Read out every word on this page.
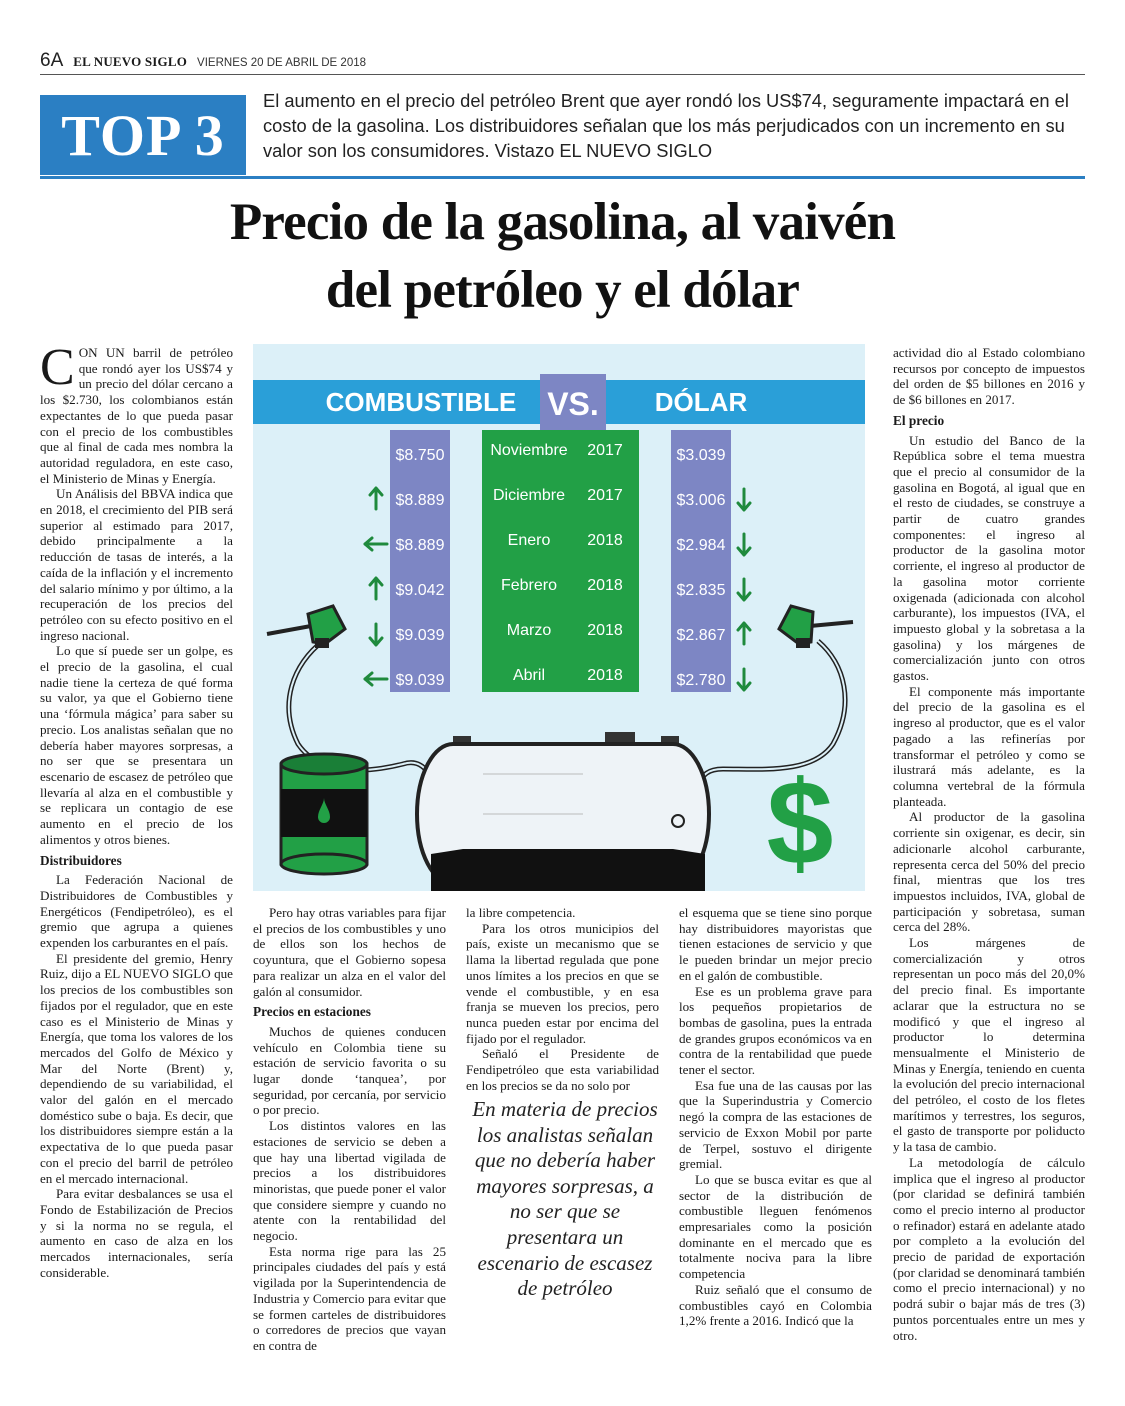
6A EL NUEVO SIGLO VIERNES 20 DE ABRIL DE 2018
TOP 3
El aumento en el precio del petróleo Brent que ayer rondó los US$74, seguramente impactará en el costo de la gasolina. Los distribuidores señalan que los más perjudicados con un incremento en su valor son los consumidores. Vistazo EL NUEVO SIGLO
Precio de la gasolina, al vaivén
del petróleo y el dólar

CON UN barril de petróleo que rondó ayer los US$74 y un precio del dólar cercano a los $2.730, los colombianos están expectantes de lo que pueda pasar con el precio de los combustibles que al final de cada mes nombra la autoridad reguladora, en este caso, el Ministerio de Minas y Energía.

Un Análisis del BBVA indica que en 2018, el crecimiento del PIB será superior al estimado para 2017, debido principalmente a la reducción de tasas de interés, a la caída de la inflación y el incremento del salario mínimo y por último, a la recuperación de los precios del petróleo con su efecto positivo en el ingreso nacional.

Lo que sí puede ser un golpe, es el precio de la gasolina, el cual nadie tiene la certeza de qué forma su valor, ya que el Gobierno tiene una ‘fórmula mágica’ para saber su precio. Los analistas señalan que no debería haber mayores sorpresas, a no ser que se presentara un escenario de escasez de petróleo que llevaría al alza en el combustible y se replicara un contagio de ese aumento en el precio de los alimentos y otros bienes.

Distribuidores

La Federación Nacional de Distribuidores de Combustibles y Energéticos (Fendipetróleo), es el gremio que agrupa a quienes expenden los carburantes en el país.

El presidente del gremio, Henry Ruiz, dijo a EL NUEVO SIGLO que los precios de los combustibles son fijados por el regulador, que en este caso es el Ministerio de Minas y Energía, que toma los valores de los mercados del Golfo de México y Mar del Norte (Brent) y, dependiendo de su variabilidad, el valor del galón en el mercado doméstico sube o baja. Es decir, que los distribuidores siempre están a la expectativa de lo que pueda pasar con el precio del barril de petróleo en el mercado internacional.

Para evitar desbalances se usa el Fondo de Estabilización de Precios y si la norma no se regula, el aumento en caso de alza en los mercados internacionales, sería considerable.

COMBUSTIBLE VS. DÓLAR
$8.750	Noviembre 2017	$3.039
$8.889	Diciembre 2017	$3.006
$8.889	Enero 2018	$2.984
$9.042	Febrero 2018	$2.835
$9.039	Marzo 2018	$2.867
$9.039	Abril	2018	$2.780
$

Pero hay otras variables para fijar el precios de los combustibles y uno de ellos son los hechos de coyuntura, que el Gobierno sopesa para realizar un alza en el valor del galón al consumidor.

Precios en estaciones

Muchos de quienes conducen vehículo en Colombia tiene su estación de servicio favorita o su lugar donde ‘tanquea’, por seguridad, por cercanía, por servicio o por precio.

Los distintos valores en las estaciones de servicio se deben a que hay una libertad vigilada de precios a los distribuidores minoristas, que puede poner el valor que considere siempre y cuando no atente con la rentabilidad del negocio.

Esta norma rige para las 25 principales ciudades del país y está vigilada por la Superintendencia de Industria y Comercio para evitar que se formen carteles de distribuidores o corredores de precios que vayan en contra de

la libre competencia.

Para los otros municipios del país, existe un mecanismo que se llama la libertad regulada que pone unos límites a los precios en que se vende el combustible, y en esa franja se mueven los precios, pero nunca pueden estar por encima del fijado por el regulador.

Señaló el Presidente de Fendipetróleo que esta variabilidad en los precios se da no solo por

En materia de precios los analistas señalan que no debería haber mayores sorpresas, a no ser que se presentara un escenario de escasez de petróleo

el esquema que se tiene sino porque hay distribuidores mayoristas que tienen estaciones de servicio y que le pueden brindar un mejor precio en el galón de combustible.

Ese es un problema grave para los pequeños propietarios de bombas de gasolina, pues la entrada de grandes grupos económicos va en contra de la rentabilidad que puede tener el sector.

Esa fue una de las causas por las que la Superindustria y Comercio negó la compra de las estaciones de servicio de Exxon Mobil por parte de Terpel, sostuvo el dirigente gremial.

Lo que se busca evitar es que al sector de la distribución de combustible lleguen fenómenos empresariales como la posición dominante en el mercado que es totalmente nociva para la libre competencia

Ruiz señaló que el consumo de combustibles cayó en Colombia 1,2% frente a 2016. Indicó que la

actividad dio al Estado colombiano recursos por concepto de impuestos del orden de $5 billones en 2016 y de $6 billones en 2017.

El precio

Un estudio del Banco de la República sobre el tema muestra que el precio al consumidor de la gasolina en Bogotá, al igual que en el resto de ciudades, se construye a partir de cuatro grandes componentes: el ingreso al productor de la gasolina motor corriente, el ingreso al productor de la gasolina motor corriente oxigenada (adicionada con alcohol carburante), los impuestos (IVA, el impuesto global y la sobretasa a la gasolina) y los márgenes de comercialización junto con otros gastos.

El componente más importante del precio de la gasolina es el ingreso al productor, que es el valor pagado a las refinerías por transformar el petróleo y como se ilustrará más adelante, es la columna vertebral de la fórmula planteada.

Al productor de la gasolina corriente sin oxigenar, es decir, sin adicionarle alcohol carburante, representa cerca del 50% del precio final, mientras que los tres impuestos incluidos, IVA, global de participación y sobretasa, suman cerca del 28%.

Los márgenes de comercialización y otros representan un poco más del 20,0% del precio final. Es importante aclarar que la estructura no se modificó y que el ingreso al productor lo determina mensualmente el Ministerio de Minas y Energía, teniendo en cuenta la evolución del precio internacional del petróleo, el costo de los fletes marítimos y terrestres, los seguros, el gasto de transporte por poliducto y la tasa de cambio.

La metodología de cálculo implica que el ingreso al productor (por claridad se definirá también como el precio interno al productor o refinador) estará en adelante atado por completo a la evolución del precio de paridad de exportación (por claridad se denominará también como el precio internacional) y no podrá subir o bajar más de tres (3) puntos porcentuales entre un mes y otro.
